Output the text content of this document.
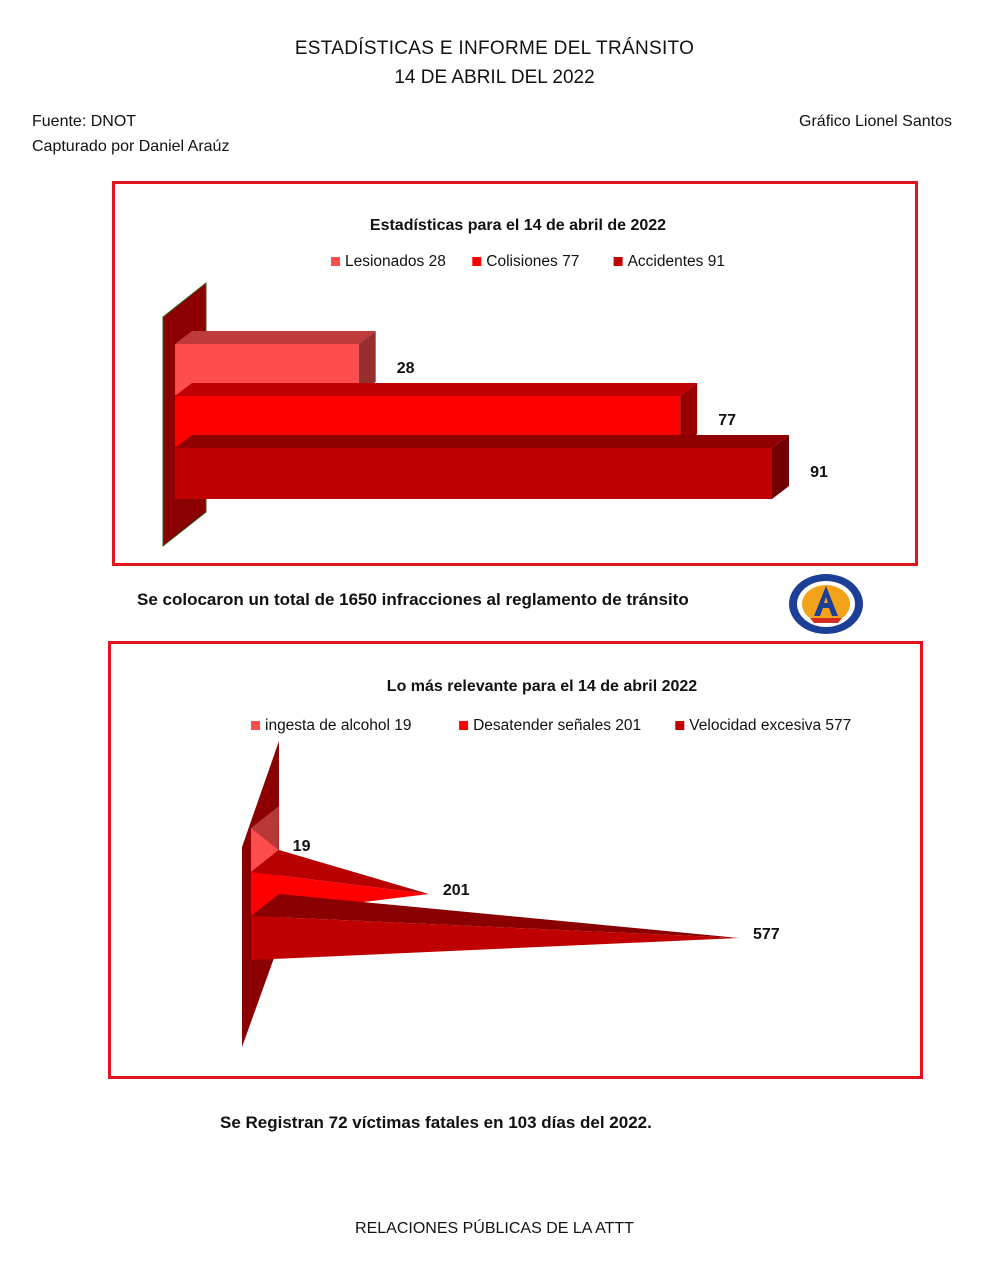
ESTADÍSTICAS E INFORME DEL TRÁNSITO
14 DE ABRIL DEL 2022
Fuente: DNOT
Capturado por Daniel Araúz
Gráfico Lionel Santos
Estadísticas para el 14 de abril de 2022
Lesionados 28	Colisiones 77	Accidentes 91
28
77
91
Se colocaron un total de 1650 infracciones al reglamento de tránsito
Lo más relevante para el 14 de abril 2022
ingesta de alcohol 19	Desatender señales 201	Velocidad excesiva 577
19
201
577
Se Registran 72 víctimas fatales en 103 días del 2022.
RELACIONES PÚBLICAS DE LA ATTT
